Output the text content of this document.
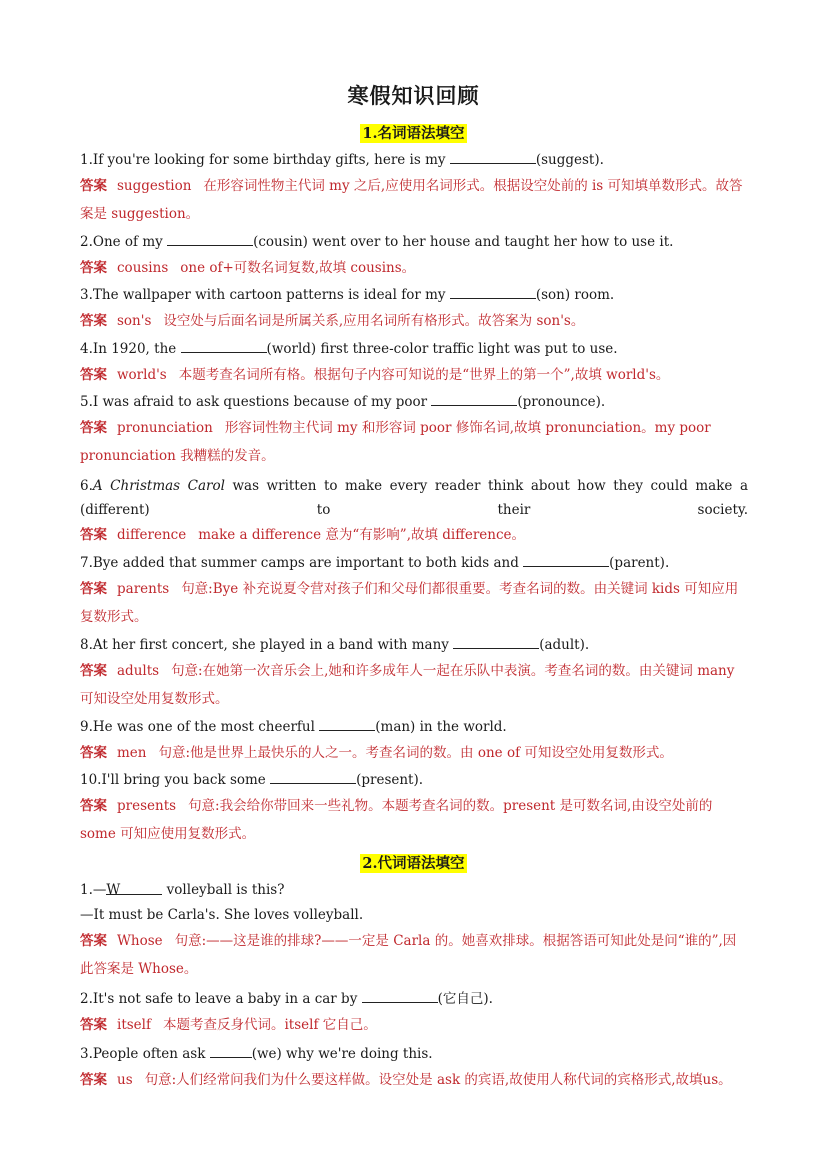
寒假知识回顾
1.名词语法填空
1.If you're looking for some birthday gifts, here is my	(suggest).
答案 suggestion 在形容词性物主代词 my 之后,应使用名词形式。根据设空处前的 is 可知填单数形式。故答案是 suggestion。
2.One of my	(cousin) went over to her house and taught her how to use it.
答案 cousins one of+可数名词复数,故填 cousins。
3.The wallpaper with cartoon patterns is ideal for my	(son) room.
答案 son's 设空处与后面名词是所属关系,应用名词所有格形式。故答案为 son's。
4.In 1920, the	(world) first three-color traffic light was put to use.
答案 world's 本题考查名词所有格。根据句子内容可知说的是“世界上的第一个”,故填 world's。
5.I was afraid to ask questions because of my poor	(pronounce).
答案 pronunciation 形容词性物主代词 my 和形容词 poor 修饰名词,故填 pronunciation。my poor pronunciation 我糟糕的发音。
6.A Christmas Carol was written to make every reader think about how they could make a (different) to their society.
答案 difference make a difference 意为“有影响”,故填 difference。
7.Bye added that summer camps are important to both kids and	(parent).
答案 parents 句意:Bye 补充说夏令营对孩子们和父母们都很重要。考查名词的数。由关键词 kids 可知应用复数形式。
8.At her first concert, she played in a band with many	(adult).
答案 adults 句意:在她第一次音乐会上,她和许多成年人一起在乐队中表演。考查名词的数。由关键词 many 可知设空处用复数形式。
9.He was one of the most cheerful	(man) in the world.
答案 men 句意:他是世界上最快乐的人之一。考查名词的数。由 one of 可知设空处用复数形式。
10.I'll bring you back some	(present).
答案 presents 句意:我会给你带回来一些礼物。本题考查名词的数。present 是可数名词,由设空处前的 some 可知应使用复数形式。
2.代词语法填空
1.—W	volleyball is this?
—It must be Carla's. She loves volleyball.
答案 Whose 句意:——这是谁的排球?——一定是 Carla 的。她喜欢排球。根据答语可知此处是问“谁的”,因此答案是 Whose。
2.It's not safe to leave a baby in a car by	(它自己).
答案 itself 本题考查反身代词。itself 它自己。
3.People often ask	(we) why we're doing this.
答案 us 句意:人们经常问我们为什么要这样做。设空处是 ask 的宾语,故使用人称代词的宾格形式,故填us。
